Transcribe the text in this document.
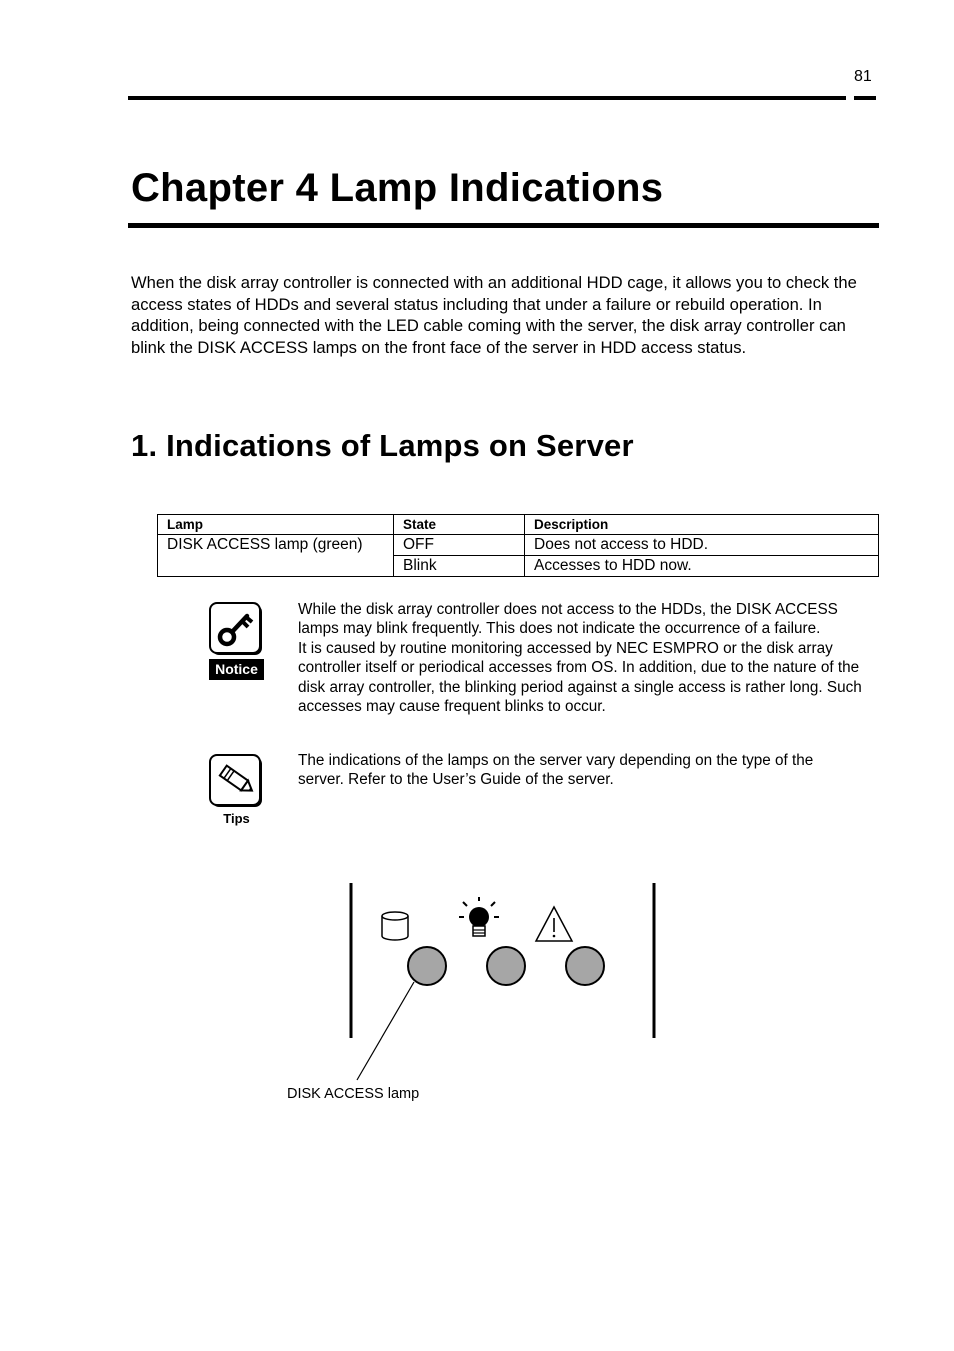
81
Chapter 4 Lamp Indications

When the disk array controller is connected with an additional HDD cage, it allows you to check the access states of HDDs and several status including that under a failure or rebuild operation. In addition, being connected with the LED cable coming with the server, the disk array controller can blink the DISK ACCESS lamps on the front face of the server in HDD access status.

1. Indications of Lamps on Server
Lamp	State	Description
DISK ACCESS lamp (green)	OFF	Does not access to HDD.
	Blink	Accesses to HDD now.
Notice
While the disk array controller does not access to the HDDs, the DISK ACCESS lamps may blink frequently. This does not indicate the occurrence of a failure.
It is caused by routine monitoring accessed by NEC ESMPRO or the disk array controller itself or periodical accesses from OS. In addition, due to the nature of the disk array controller, the blinking period against a single access is rather long. Such accesses may cause frequent blinks to occur.
Tips
The indications of the lamps on the server vary depending on the type of the server. Refer to the User’s Guide of the server.
DISK ACCESS lamp
